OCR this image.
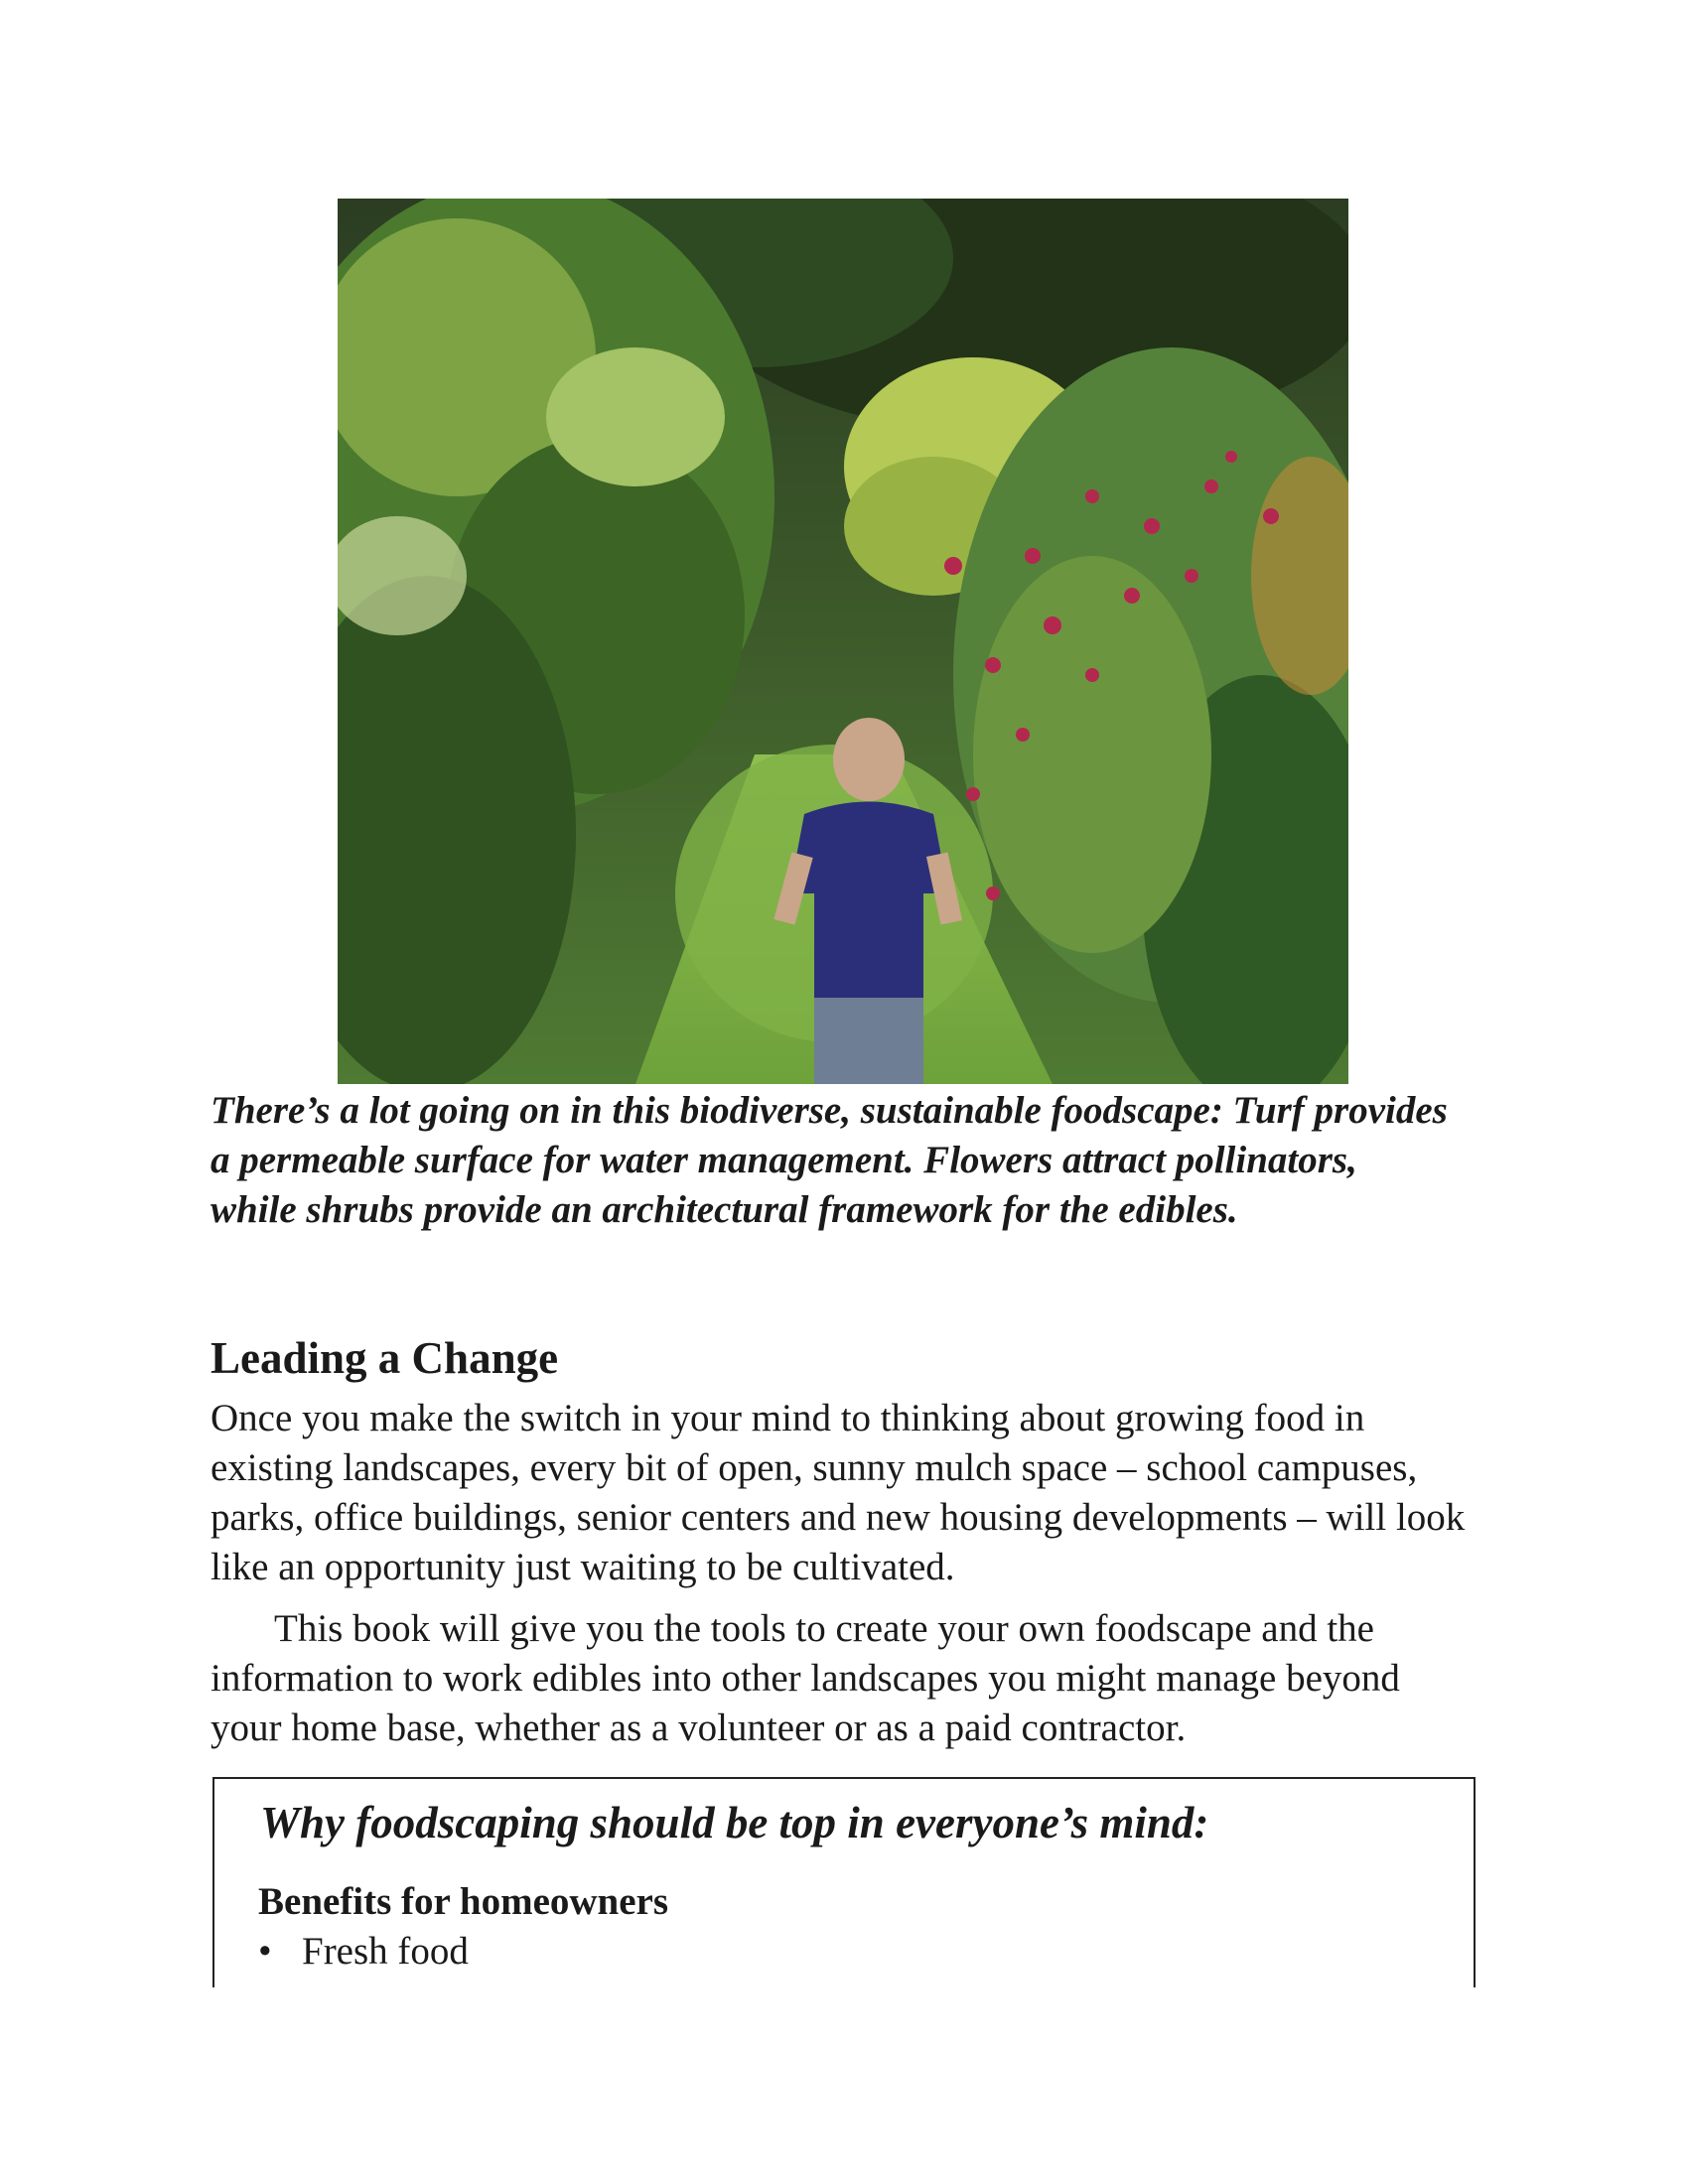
There’s a lot going on in this biodiverse, sustainable foodscape: Turf provides a permeable surface for water management. Flowers attract pollinators, while shrubs provide an architectural framework for the edibles.

Leading a Change

Once you make the switch in your mind to thinking about growing food in existing landscapes, every bit of open, sunny mulch space – school campuses, parks, office buildings, senior centers and new housing developments – will look like an opportunity just waiting to be cultivated.

This book will give you the tools to create your own foodscape and the information to work edibles into other landscapes you might manage beyond your home base, whether as a volunteer or as a paid contractor.

Why foodscaping should be top in everyone’s mind:
Benefits for homeowners
• Fresh food
